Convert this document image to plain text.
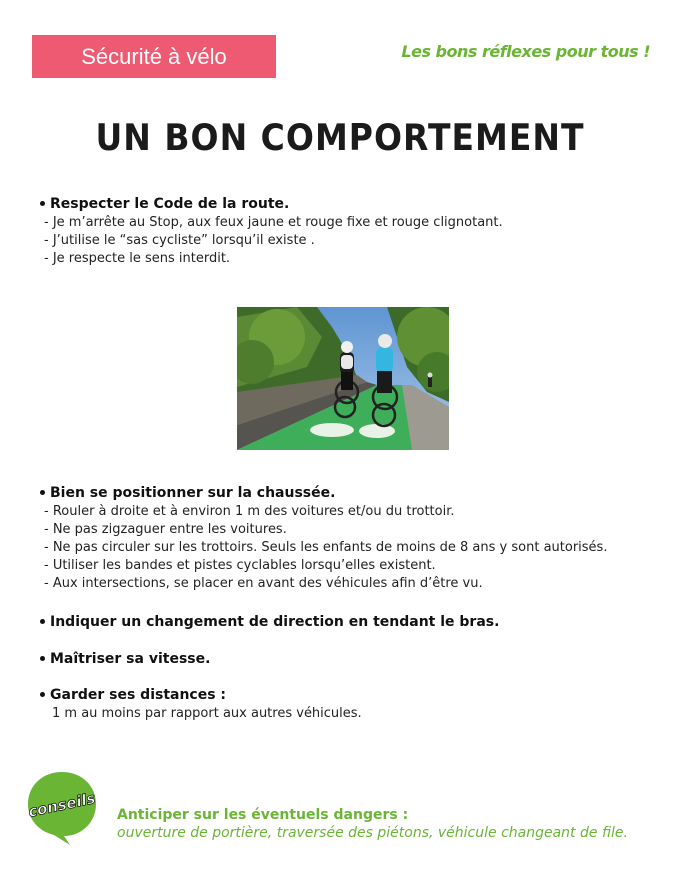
Sécurité à vélo	Les bons réflexes pour tous !
UN BON COMPORTEMENT
Respecter le Code de la route.
- Je m’arrête au Stop, aux feux jaune et rouge fixe et rouge clignotant.
- J’utilise le “sas cycliste” lorsqu’il existe .
- Je respecte le sens interdit.
Bien se positionner sur la chaussée.
- Rouler à droite et à environ 1 m des voitures et/ou du trottoir.
- Ne pas zigzaguer entre les voitures.
- Ne pas circuler sur les trottoirs. Seuls les enfants de moins de 8 ans y sont autorisés.
- Utiliser les bandes et pistes cyclables lorsqu’elles existent.
- Aux intersections, se placer en avant des véhicules afin d’être vu.
Indiquer un changement de direction en tendant le bras.
Maîtriser sa vitesse.
Garder ses distances :
1 m au moins par rapport aux autres véhicules.
conseils Anticiper sur les éventuels dangers :
ouverture de portière, traversée des piétons, véhicule changeant de file.
